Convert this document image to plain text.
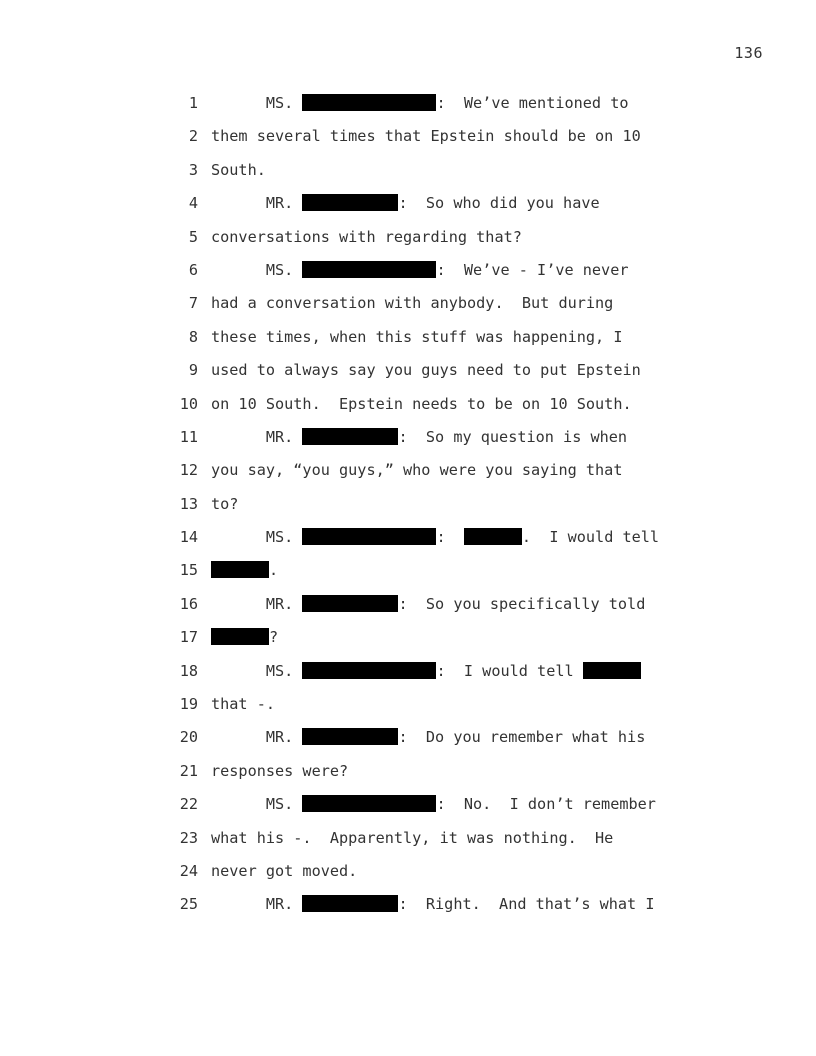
136
1	MS.	:  We’ve mentioned to
2 them several times that Epstein should be on 10
3 South.
4	MR.	:  So who did you have
5 conversations with regarding that?
6	MS.	:  We’ve - I’ve never
7 had a conversation with anybody.  But during
8 these times, when this stuff was happening, I
9 used to always say you guys need to put Epstein
10 on 10 South.  Epstein needs to be on 10 South.
11	MR.	:  So my question is when
12 you say, “you guys,” who were you saying that
13 to?
14	MS.	:	.  I would tell
15	.
16	MR.	:  So you specifically told
17	?
18	MS.	:  I would tell
19 that -.
20	MR.	:  Do you remember what his
21 responses were?
22	MS.	:  No.  I don’t remember
23 what his -.  Apparently, it was nothing.  He
24 never got moved.
25	MR.	:  Right.  And that’s what I
